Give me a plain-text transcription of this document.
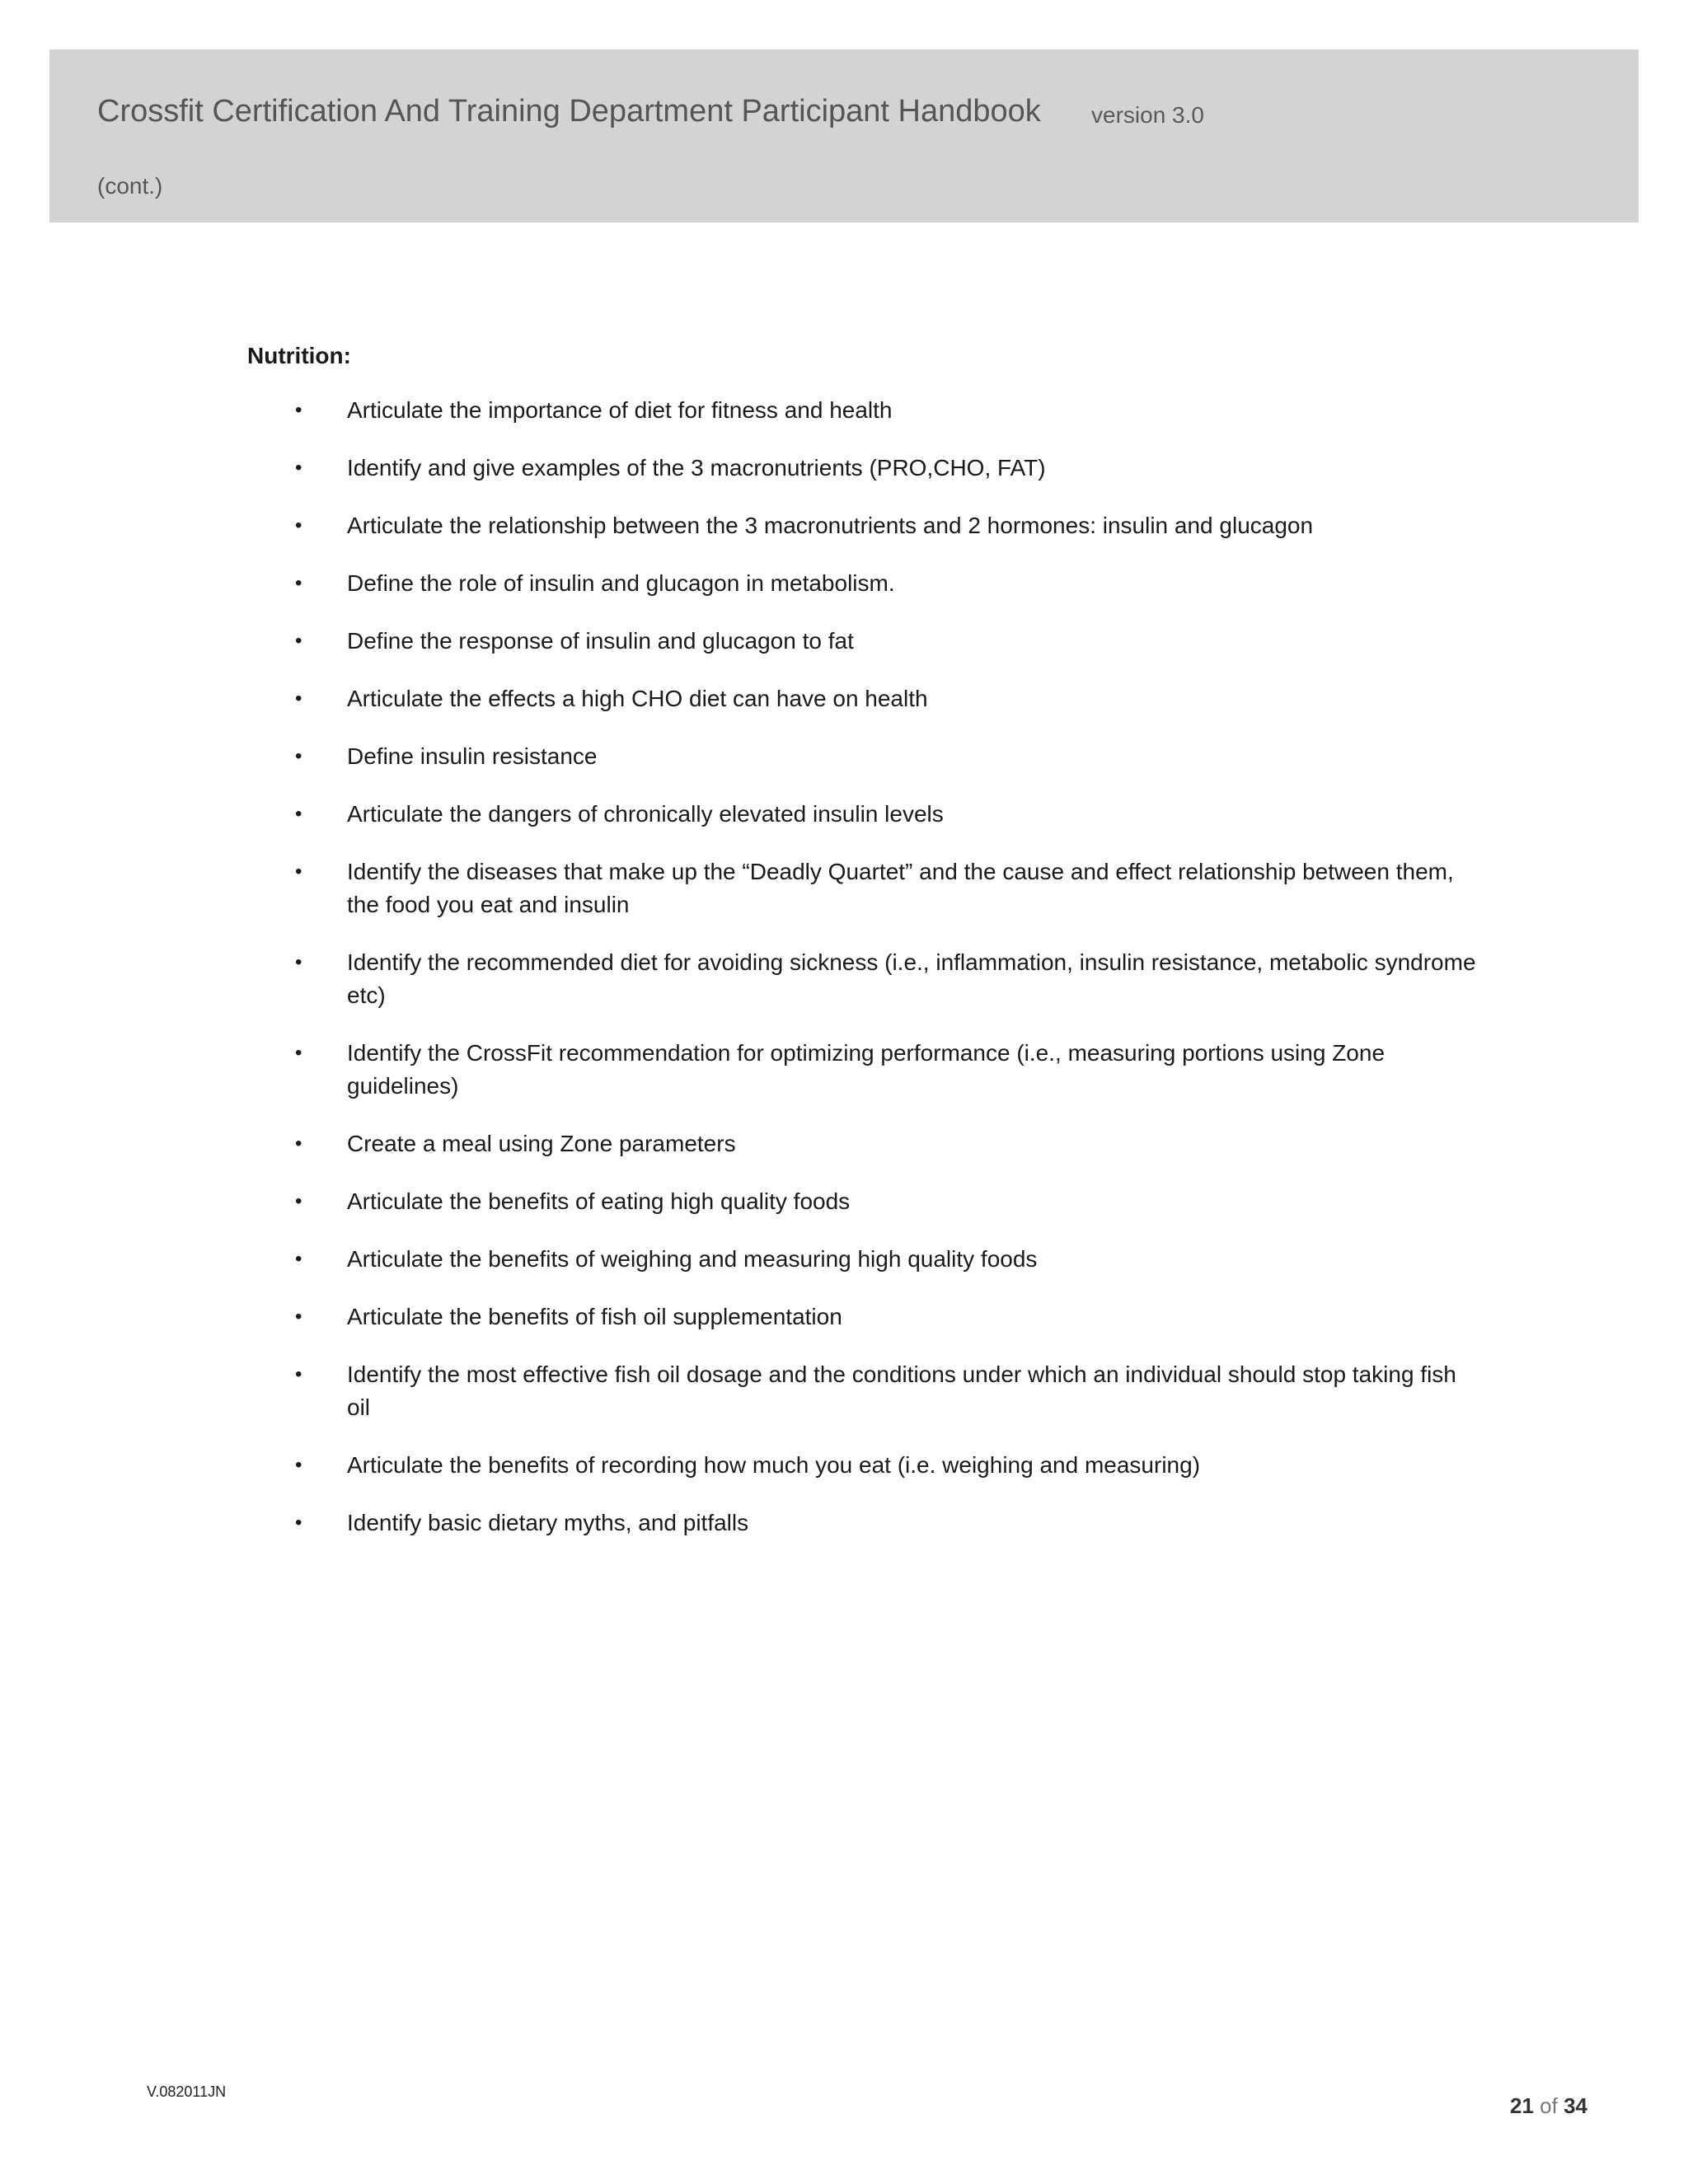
Crossfit Certification And Training Department Participant Handbook version 3.0
(cont.)
Nutrition:
• Articulate the importance of diet for fitness and health
• Identify and give examples of the 3 macronutrients (PRO,CHO, FAT)
• Articulate the relationship between the 3 macronutrients and 2 hormones: insulin and glucagon
• Define the role of insulin and glucagon in metabolism.
• Define the response of insulin and glucagon to fat
• Articulate the effects a high CHO diet can have on health
• Define insulin resistance
• Articulate the dangers of chronically elevated insulin levels
• Identify the diseases that make up the “Deadly Quartet” and the cause and effect relationship between them, the food you eat and insulin
• Identify the recommended diet for avoiding sickness (i.e., inflammation, insulin resistance, metabolic syndrome etc)
• Identify the CrossFit recommendation for optimizing performance (i.e., measuring portions using Zone guidelines)
• Create a meal using Zone parameters
• Articulate the benefits of eating high quality foods
• Articulate the benefits of weighing and measuring high quality foods
• Articulate the benefits of fish oil supplementation
• Identify the most effective fish oil dosage and the conditions under which an individual should stop taking fish oil
• Articulate the benefits of recording how much you eat (i.e. weighing and measuring)
• Identify basic dietary myths, and pitfalls
V.082011JN
21 of 34
